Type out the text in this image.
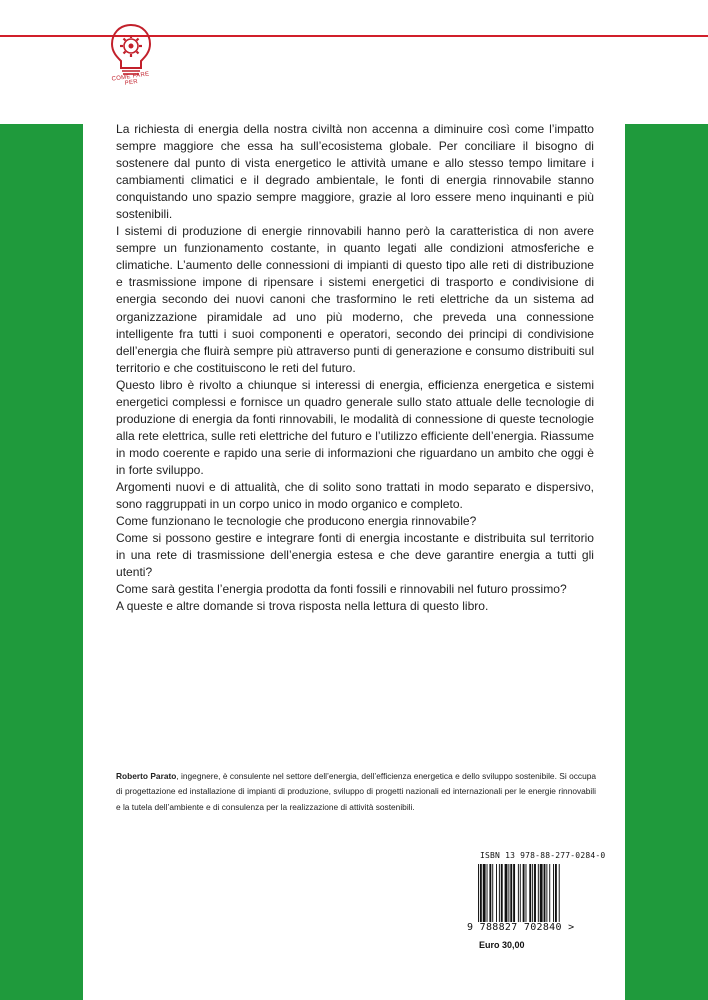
COME FARE PER

La richiesta di energia della nostra civiltà non accenna a diminuire così come l’impatto sempre maggiore che essa ha sull’ecosistema globale. Per conciliare il bisogno di sostenere dal punto di vista energetico le attività umane e allo stesso tempo limitare i cambiamenti climatici e il degrado ambientale, le fonti di energia rinnovabile stanno conquistando uno spazio sempre maggiore, grazie al loro essere meno inquinanti e più sostenibili.

I sistemi di produzione di energie rinnovabili hanno però la caratteristica di non avere sempre un funzionamento costante, in quanto legati alle condizioni atmosferiche e climatiche. L’aumento delle connessioni di impianti di questo tipo alle reti di distribuzione e trasmissione impone di ripensare i sistemi energetici di trasporto e condivisione di energia secondo dei nuovi canoni che trasformino le reti elettriche da un sistema ad organizzazione piramidale ad uno più moderno, che preveda una connessione intelligente fra tutti i suoi componenti e operatori, secondo dei principi di condivisione dell’energia che fluirà sempre più attraverso punti di generazione e consumo distribuiti sul territorio e che costituiscono le reti del futuro.

Questo libro è rivolto a chiunque si interessi di energia, efficienza energetica e sistemi energetici complessi e fornisce un quadro generale sullo stato attuale delle tecnologie di produzione di energia da fonti rinnovabili, le modalità di connessione di queste tecnologie alla rete elettrica, sulle reti elettriche del futuro e l’utilizzo efficiente dell’energia. Riassume in modo coerente e rapido una serie di informazioni che riguardano un ambito che oggi è in forte sviluppo.

Argomenti nuovi e di attualità, che di solito sono trattati in modo separato e dispersivo, sono raggruppati in un corpo unico in modo organico e completo.

Come funzionano le tecnologie che producono energia rinnovabile?

Come si possono gestire e integrare fonti di energia incostante e distribuita sul territorio in una rete di trasmissione dell’energia estesa e che deve garantire energia a tutti gli utenti?

Come sarà gestita l’energia prodotta da fonti fossili e rinnovabili nel futuro prossimo?

A queste e altre domande si trova risposta nella lettura di questo libro.

Roberto Parato, ingegnere, è consulente nel settore dell’energia, dell’efficienza energetica e dello sviluppo sostenibile. Si occupa di progettazione ed installazione di impianti di produzione, sviluppo di progetti nazionali ed internazionali per le energie rinnovabili e la tutela dell’ambiente e di consulenza per la realizzazione di attività sostenibili.
ISBN 13 978-88-277-0284-0
9 788827 702840 >
Euro 30,00
